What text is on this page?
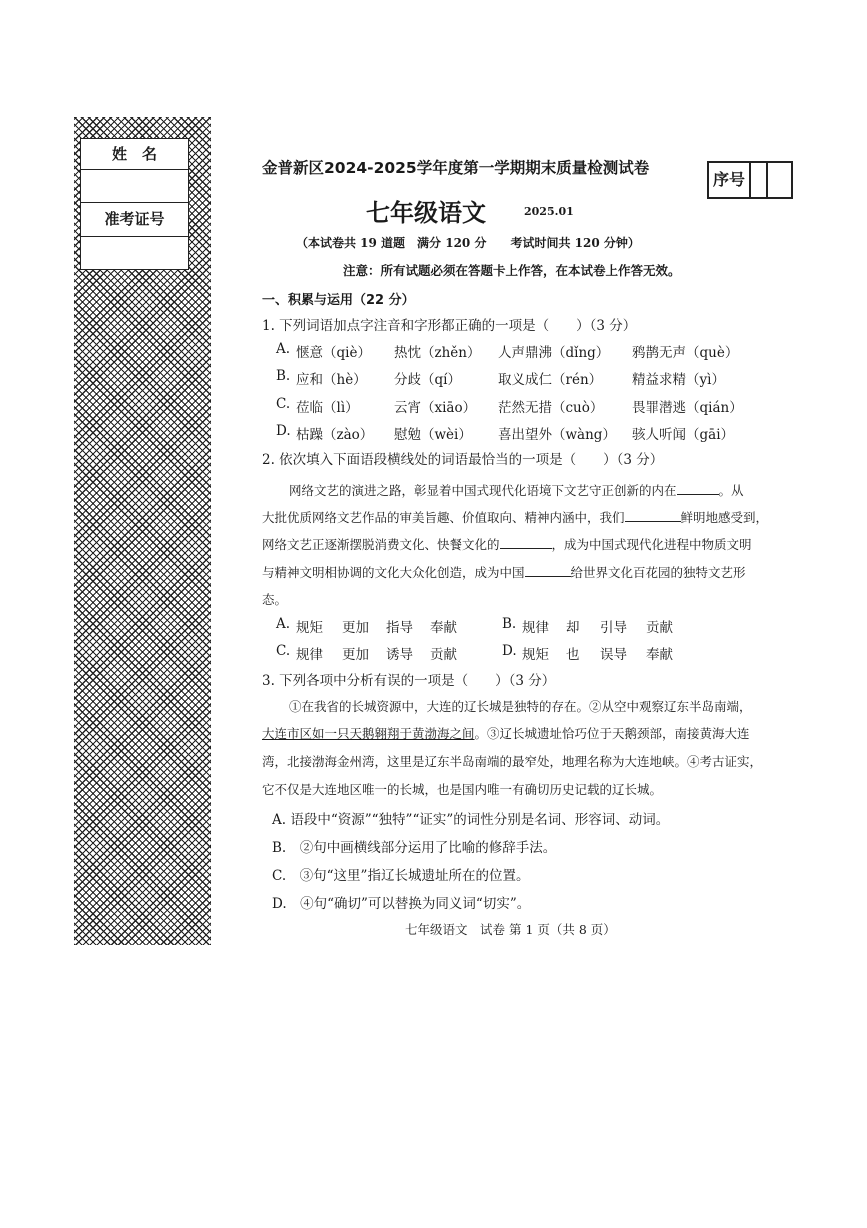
姓　名
准考证号
序号
金普新区2024-2025学年度第一学期期末质量检测试卷
七年级语文	2025.01
（本试卷共 19 道题　满分 120 分　　考试时间共 120 分钟）
注意：所有试题必须在答题卡上作答，在本试卷上作答无效。
一、积累与运用（22 分）
1. 下列词语加点字注音和字形都正确的一项是（　　）（3 分）
A. 惬意（qiè） 热忱（zhěn） 人声鼎沸（dǐng） 鸦鹊无声（què）
B. 应和（hè） 分歧（qí）	取义成仁（rén） 精益求精（yì）
C. 莅临（lì）	云宵（xiāo） 茫然无措（cuò） 畏罪潜逃（qián）
D. 枯躁（zào） 慰勉（wèi） 喜出望外（wàng） 骇人听闻（gāi）
2. 依次填入下面语段横线处的词语最恰当的一项是（　　）（3 分）
网络文艺的演进之路，彰显着中国式现代化语境下文艺守正创新的内在	。从
大批优质网络文艺作品的审美旨趣、价值取向、精神内涵中，我们	鲜明地感受到，
网络文艺正逐渐摆脱消费文化、快餐文化的	，成为中国式现代化进程中物质文明
与精神文明相协调的文化大众化创造，成为中国	给世界文化百花园的独特文艺形
态。
A. 规矩 更加 指导 奉献	B. 规律 却 引导 贡献
C. 规律 更加 诱导 贡献	D. 规矩 也 误导 奉献
3. 下列各项中分析有误的一项是（　　）（3 分）
①在我省的长城资源中，大连的辽长城是独特的存在。②从空中观察辽东半岛南端，
大连市区如一只天鹅翱翔于黄渤海之间。③辽长城遗址恰巧位于天鹅颈部，南接黄海大连
湾，北接渤海金州湾，这里是辽东半岛南端的最窄处，地理名称为大连地峡。④考古证实，
它不仅是大连地区唯一的长城，也是国内唯一有确切历史记载的辽长城。
A. 语段中“资源”“独特”“证实”的词性分别是名词、形容词、动词。
B.　②句中画横线部分运用了比喻的修辞手法。
C.　③句“这里”指辽长城遗址所在的位置。
D.　④句“确切”可以替换为同义词“切实”。
七年级语文　试卷 第 1 页（共 8 页）
